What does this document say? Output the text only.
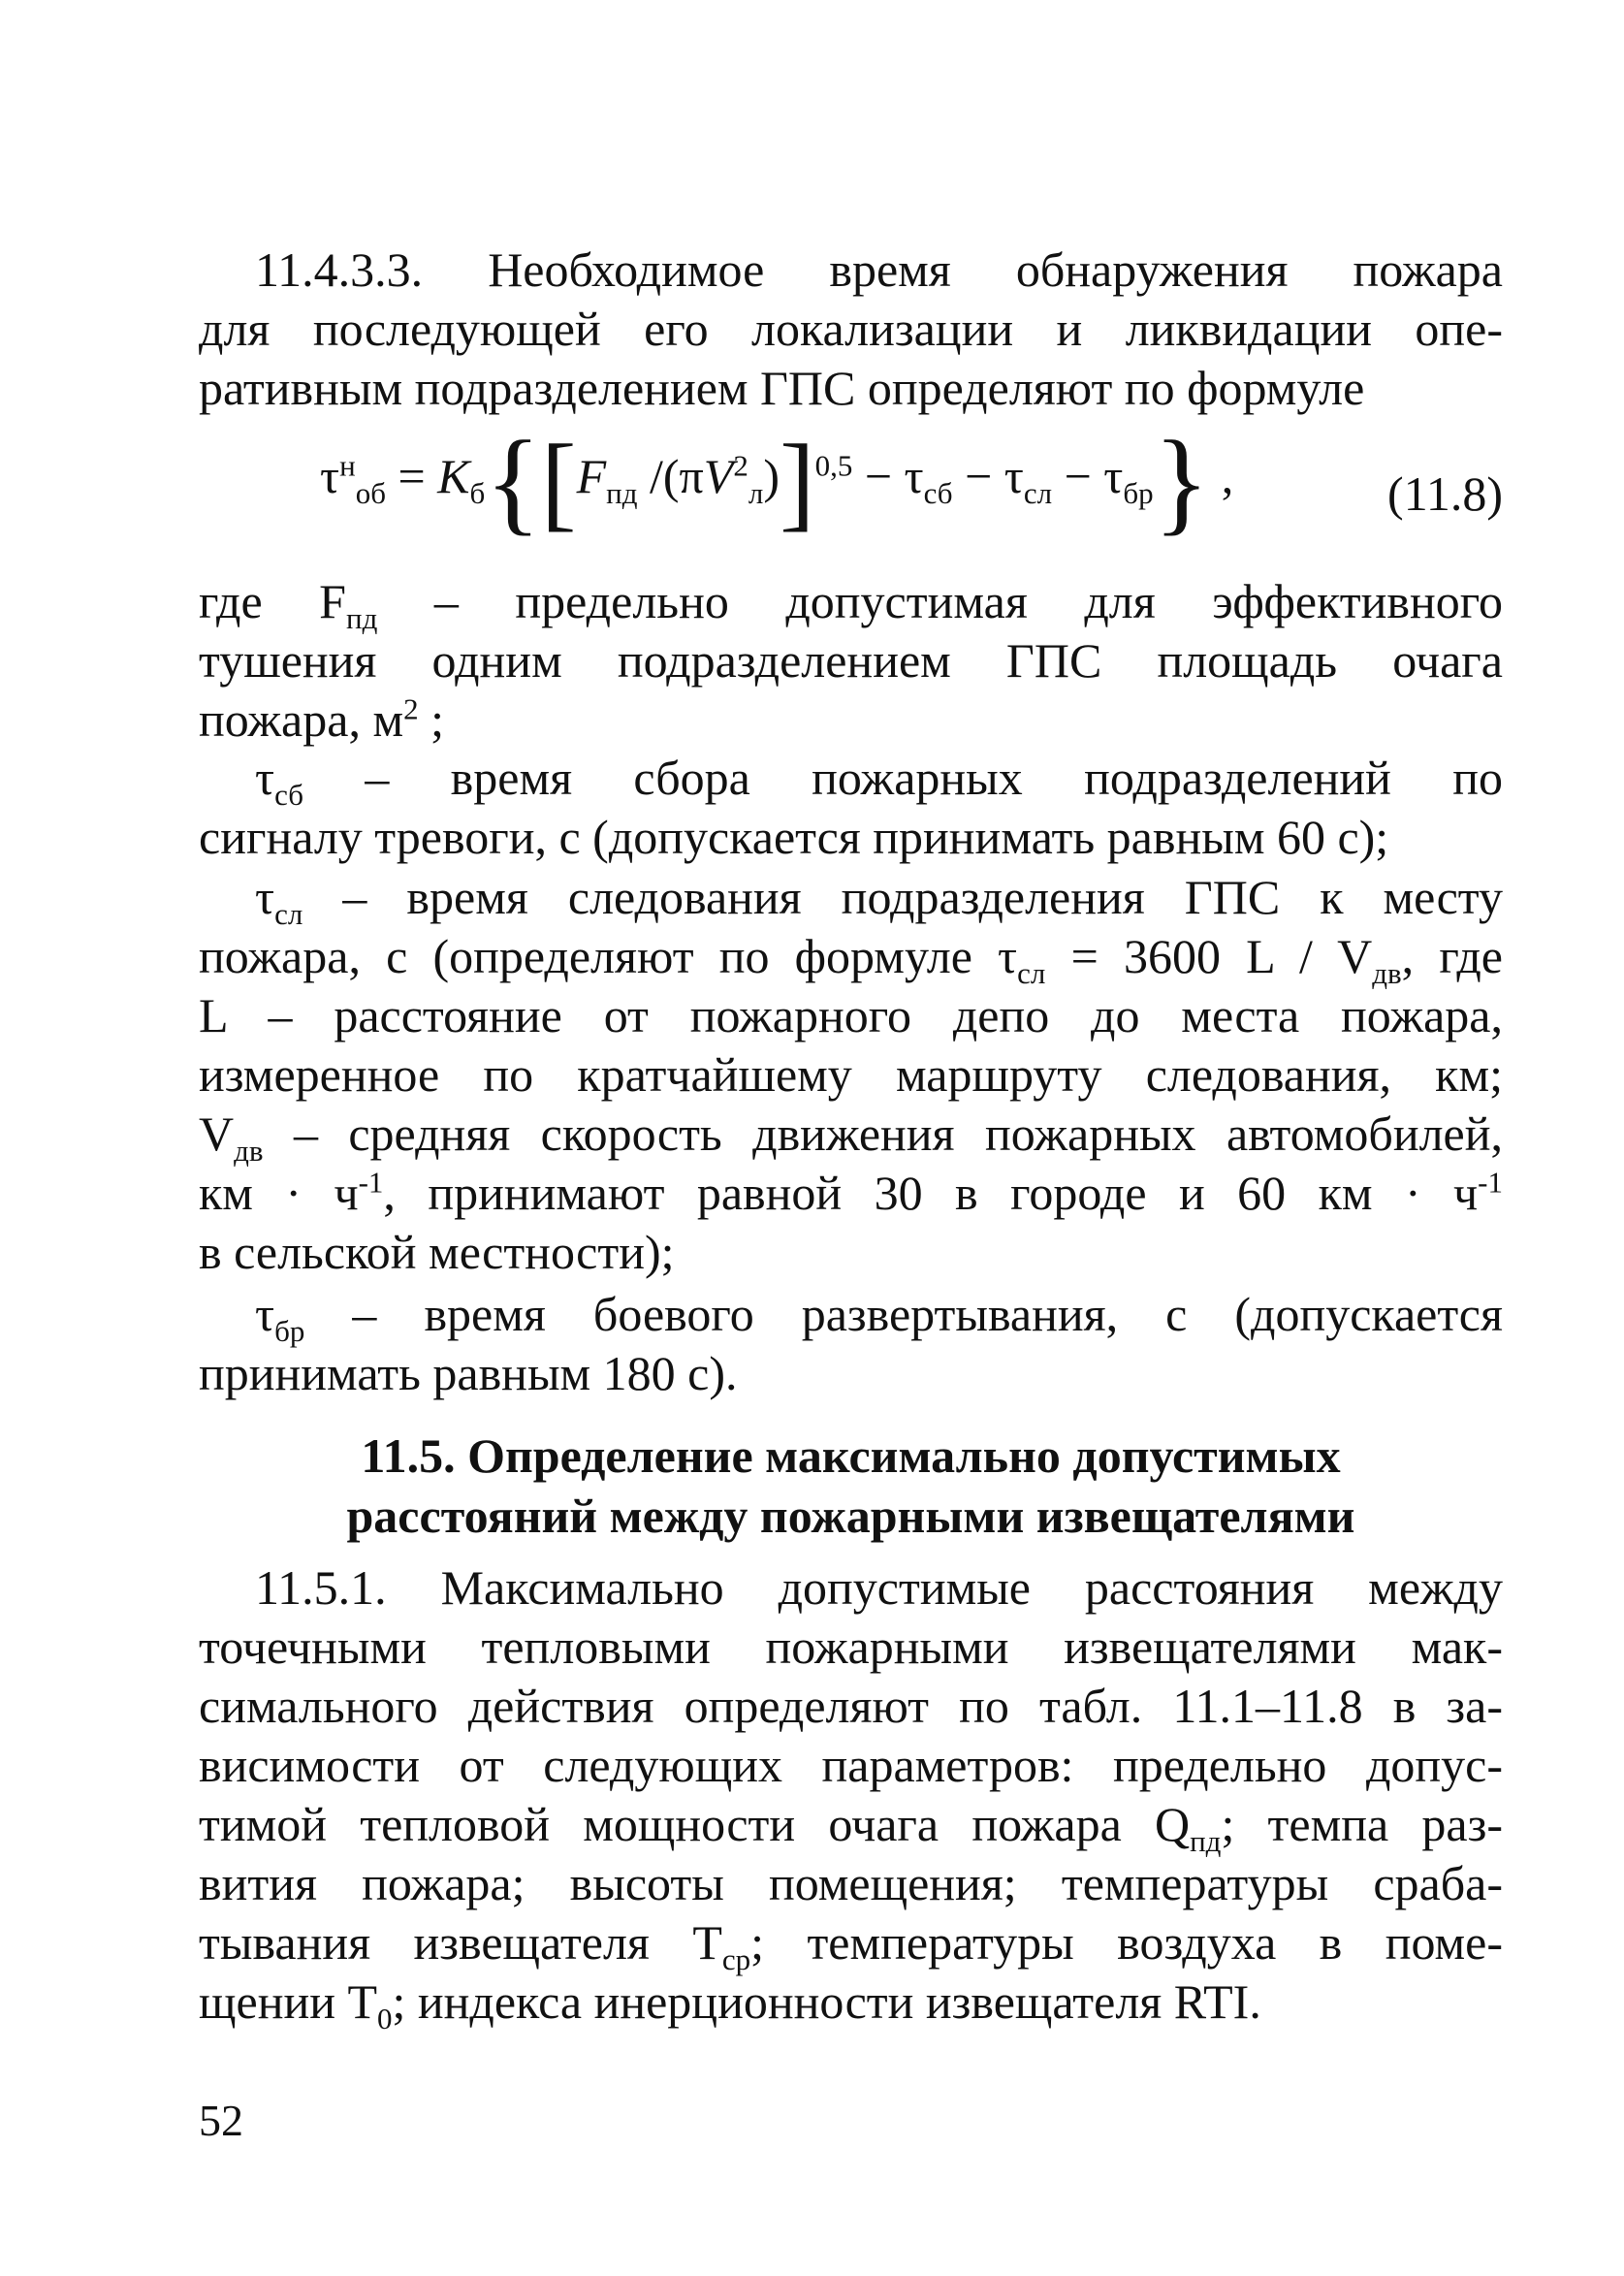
11.4.3.3. Необходимое время обнаружения пожара
для последующей его локализации и ликвидации опе-
ративным подразделением ГПС определяют по формуле
$\tau^н_{об} = K_б\{[F_{пд}$ $/(\pi V^2_л)]^{0,5} - \tau_{сб} - \tau_{сл} - \tau_{бр}$} ,	(11.8)
где $F_{пд}$ – предельно допустимая для эффективного
тушения одним подразделением ГПС площадь очага
пожара, $м^2$ ;
$\tau_{сб}$ – время сбора пожарных подразделений по
сигналу тревоги, с (допускается принимать равным 60 с);
$\tau_{сл}$ – время следования подразделения ГПС к месту
пожара, с (определяют по формуле $\tau_{сл} = 3600$ L / $V_{дв}$, где
L – расстояние от пожарного депо до места пожара,
измеренное по кратчайшему маршруту следования, км;
$V_{дв}$ – средняя скорость движения пожарных автомобилей,
км · $ч^{-1}$, принимают равной 30 в городе и 60 км · $ч^{-1}$
в сельской местности);
$\tau_{бр}$ – время боевого развертывания, с (допускается
принимать равным 180 с).
11.5. Определение максимально допустимых
расстояний между пожарными извещателями
11.5.1. Максимально допустимые расстояния между
точечными тепловыми пожарными извещателями мак-
симального действия определяют по табл. 11.1–11.8 в за-
висимости от следующих параметров: предельно допус-
тимой тепловой мощности очага пожара $Q_{пд}$; темпа раз-
вития пожара; высоты помещения; температуры сраба-
тывания извещателя $T_{ср}$; температуры воздуха в поме-
щении $T_0$; индекса инерционности извещателя RTI.
52
